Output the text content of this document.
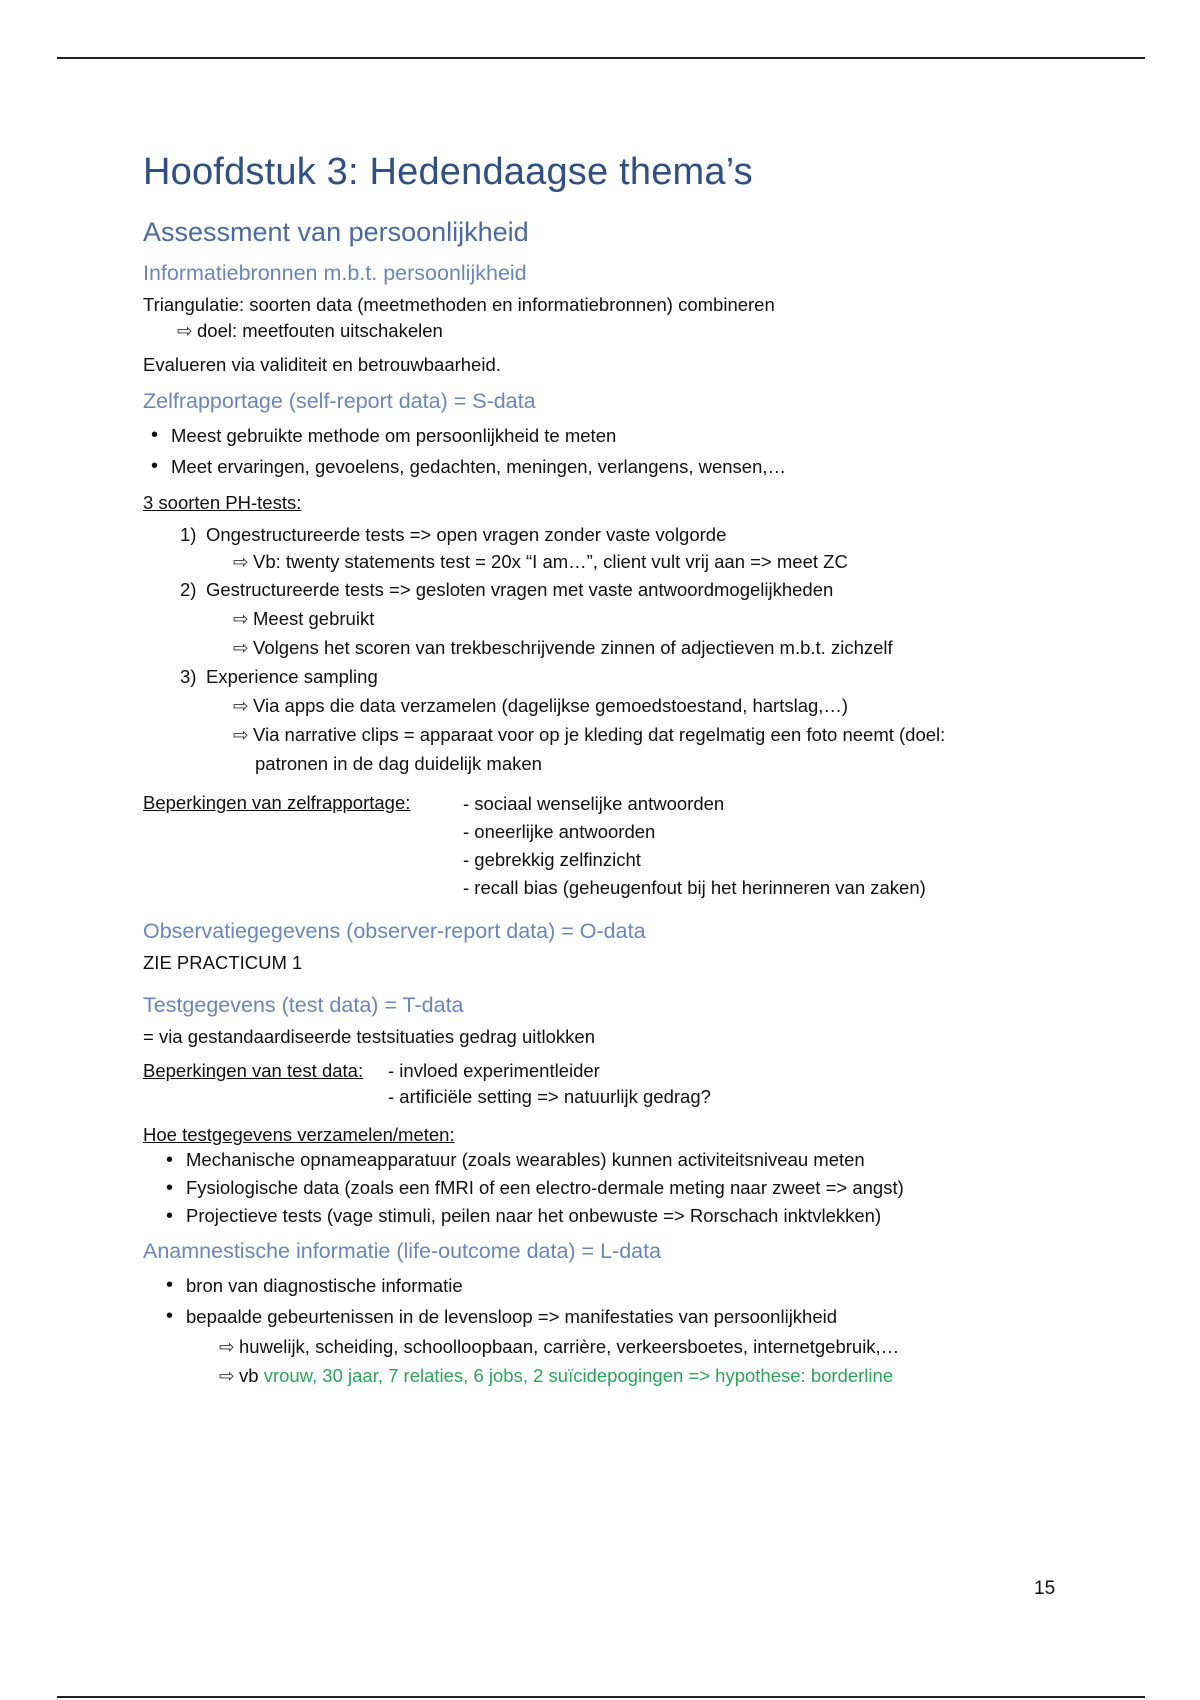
Hoofdstuk 3: Hedendaagse thema’s
Assessment van persoonlijkheid
Informatiebronnen m.b.t. persoonlijkheid

Triangulatie: soorten data (meetmethoden en informatiebronnen) combineren

⇨ doel: meetfouten uitschakelen

Evalueren via validiteit en betrouwbaarheid.

Zelfrapportage (self-report data) = S-data
• Meest gebruikte methode om persoonlijkheid te meten
• Meet ervaringen, gevoelens, gedachten, meningen, verlangens, wensen,…
3 soorten PH-tests:
1) Ongestructureerde tests => open vragen zonder vaste volgorde
⇨ Vb: twenty statements test = 20x “I am…”, client vult vrij aan => meet ZC
2) Gestructureerde tests => gesloten vragen met vaste antwoordmogelijkheden
⇨ Meest gebruikt
⇨ Volgens het scoren van trekbeschrijvende zinnen of adjectieven m.b.t. zichzelf
3) Experience sampling
⇨ Via apps die data verzamelen (dagelijkse gemoedstoestand, hartslag,…)
⇨ Via narrative clips = apparaat voor op je kleding dat regelmatig een foto neemt (doel:
patronen in de dag duidelijk maken
Beperkingen van zelfrapportage:	- sociaal wenselijke antwoorden
- oneerlijke antwoorden
- gebrekkig zelfinzicht
- recall bias (geheugenfout bij het herinneren van zaken)
Observatiegegevens (observer-report data) = O-data

ZIE PRACTICUM 1

Testgegevens (test data) = T-data

= via gestandaardiseerde testsituaties gedrag uitlokken

Beperkingen van test data:	- invloed experimentleider
- artificiële setting => natuurlijk gedrag?
Hoe testgegevens verzamelen/meten:
• Mechanische opnameapparatuur (zoals wearables) kunnen activiteitsniveau meten
• Fysiologische data (zoals een fMRI of een electro-dermale meting naar zweet => angst)
• Projectieve tests (vage stimuli, peilen naar het onbewuste => Rorschach inktvlekken)
Anamnestische informatie (life-outcome data) = L-data
• bron van diagnostische informatie
• bepaalde gebeurtenissen in de levensloop => manifestaties van persoonlijkheid
⇨ huwelijk, scheiding, schoolloopbaan, carrière, verkeersboetes, internetgebruik,…
⇨ vb vrouw, 30 jaar, 7 relaties, 6 jobs, 2 suïcidepogingen => hypothese: borderline
15
